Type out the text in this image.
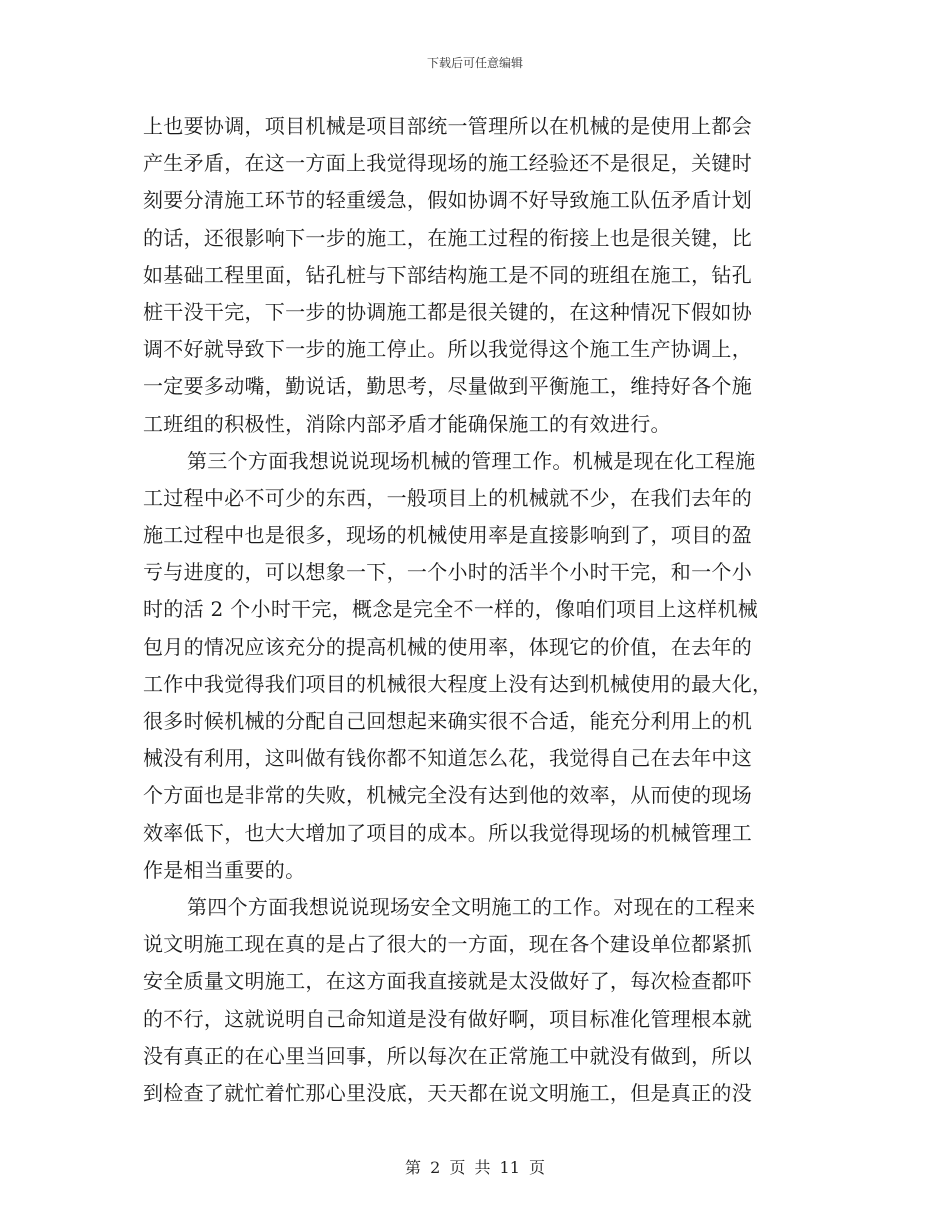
下载后可任意编辑
上也要协调，项目机械是项目部统一管理所以在机械的是使用上都会
产生矛盾，在这一方面上我觉得现场的施工经验还不是很足，关键时
刻要分清施工环节的轻重缓急，假如协调不好导致施工队伍矛盾计划
的话，还很影响下一步的施工，在施工过程的衔接上也是很关键，比
如基础工程里面，钻孔桩与下部结构施工是不同的班组在施工，钻孔
桩干没干完，下一步的协调施工都是很关键的，在这种情况下假如协
调不好就导致下一步的施工停止。所以我觉得这个施工生产协调上，
一定要多动嘴，勤说话，勤思考，尽量做到平衡施工，维持好各个施
工班组的积极性，消除内部矛盾才能确保施工的有效进行。
第三个方面我想说说现场机械的管理工作。机械是现在化工程施
工过程中必不可少的东西，一般项目上的机械就不少，在我们去年的
施工过程中也是很多，现场的机械使用率是直接影响到了，项目的盈
亏与进度的，可以想象一下，一个小时的活半个小时干完，和一个小
时的活 2 个小时干完，概念是完全不一样的，像咱们项目上这样机械
包月的情况应该充分的提高机械的使用率，体现它的价值，在去年的
工作中我觉得我们项目的机械很大程度上没有达到机械使用的最大化，
很多时候机械的分配自己回想起来确实很不合适，能充分利用上的机
械没有利用，这叫做有钱你都不知道怎么花，我觉得自己在去年中这
个方面也是非常的失败，机械完全没有达到他的效率，从而使的现场
效率低下，也大大增加了项目的成本。所以我觉得现场的机械管理工
作是相当重要的。
第四个方面我想说说现场安全文明施工的工作。对现在的工程来
说文明施工现在真的是占了很大的一方面，现在各个建设单位都紧抓
安全质量文明施工，在这方面我直接就是太没做好了，每次检查都吓
的不行，这就说明自己命知道是没有做好啊，项目标准化管理根本就
没有真正的在心里当回事，所以每次在正常施工中就没有做到，所以
到检查了就忙着忙那心里没底，天天都在说文明施工，但是真正的没
第 2 页 共 11 页
